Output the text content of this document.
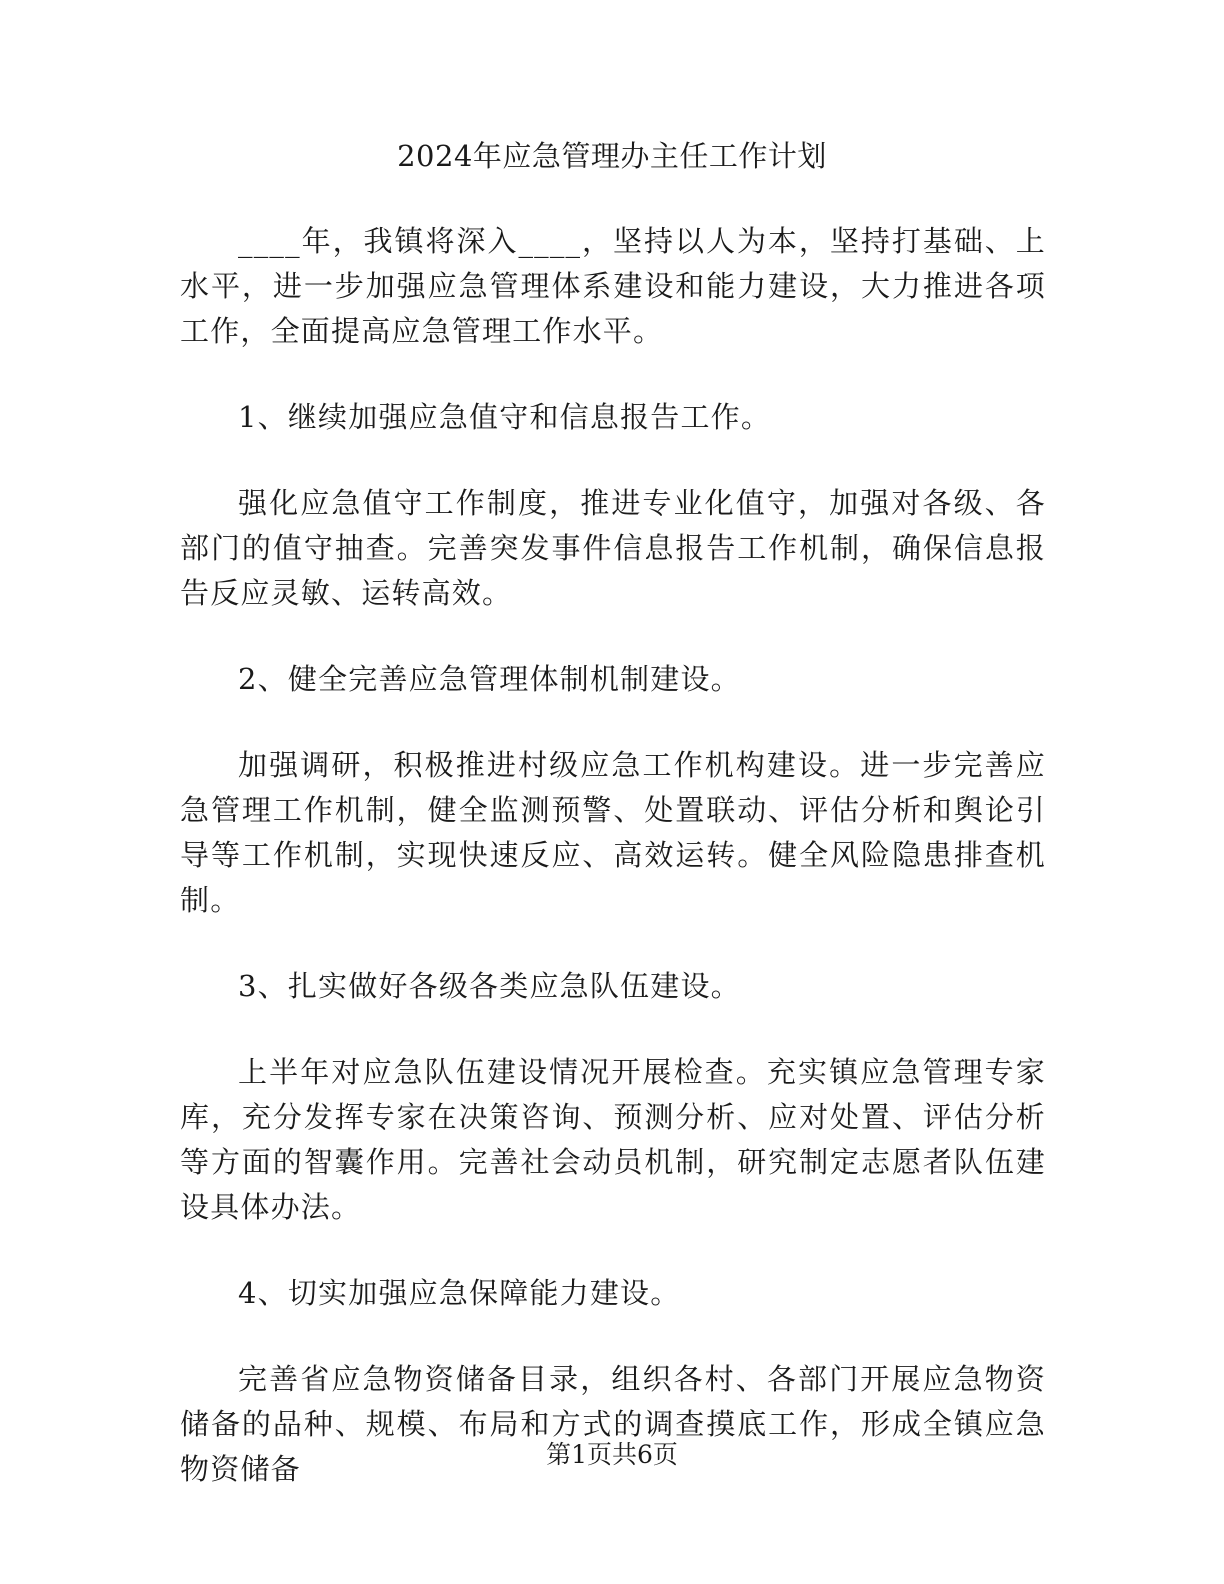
2024年应急管理办主任工作计划

____年，我镇将深入____，坚持以人为本，坚持打基础、上水平，进一步加强应急管理体系建设和能力建设，大力推进各项工作，全面提高应急管理工作水平。

1、继续加强应急值守和信息报告工作。

强化应急值守工作制度，推进专业化值守，加强对各级、各部门的值守抽查。完善突发事件信息报告工作机制，确保信息报告反应灵敏、运转高效。

2、健全完善应急管理体制机制建设。

加强调研，积极推进村级应急工作机构建设。进一步完善应急管理工作机制，健全监测预警、处置联动、评估分析和舆论引导等工作机制，实现快速反应、高效运转。健全风险隐患排查机制。

3、扎实做好各级各类应急队伍建设。

上半年对应急队伍建设情况开展检查。充实镇应急管理专家库，充分发挥专家在决策咨询、预测分析、应对处置、评估分析等方面的智囊作用。完善社会动员机制，研究制定志愿者队伍建设具体办法。

4、切实加强应急保障能力建设。

完善省应急物资储备目录，组织各村、各部门开展应急物资储备的品种、规模、布局和方式的调查摸底工作，形成全镇应急物资储备	第1页共6页
